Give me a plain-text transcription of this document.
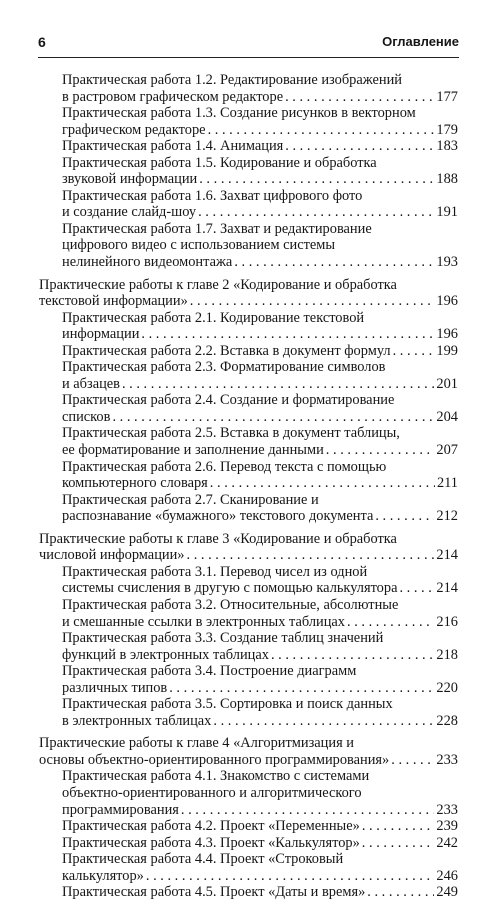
6	Оглавление
Практическая работа 1.2. Редактирование изображений
в растровом графическом редакторе . . .	177
Практическая работа 1.3. Создание рисунков в векторном
графическом редакторе . . .	179
Практическая работа 1.4. Анимация . . .	183
Практическая работа 1.5. Кодирование и обработка
звуковой информации . . .	188
Практическая работа 1.6. Захват цифрового фото
и создание слайд-шоу . . .	191
Практическая работа 1.7. Захват и редактирование
цифрового видео с использованием системы
нелинейного видеомонтажа . . .	193
Практические работы к главе 2 «Кодирование и обработка
текстовой информации» . . .	196
Практическая работа 2.1. Кодирование текстовой
информации . . .	196
Практическая работа 2.2. Вставка в документ формул . . .	199
Практическая работа 2.3. Форматирование символов
и абзацев . . .	201
Практическая работа 2.4. Создание и форматирование
списков . . .	204
Практическая работа 2.5. Вставка в документ таблицы,
ее форматирование и заполнение данными . . .	207
Практическая работа 2.6. Перевод текста с помощью
компьютерного словаря . . .	211
Практическая работа 2.7. Сканирование и
распознавание «бумажного» текстового документа . . .	212
Практические работы к главе 3 «Кодирование и обработка
числовой информации» . . .	214
Практическая работа 3.1. Перевод чисел из одной
системы счисления в другую с помощью калькулятора . . .	214
Практическая работа 3.2. Относительные, абсолютные
и смешанные ссылки в электронных таблицах . . .	216
Практическая работа 3.3. Создание таблиц значений
функций в электронных таблицах . . .	218
Практическая работа 3.4. Построение диаграмм
различных типов . . .	220
Практическая работа 3.5. Сортировка и поиск данных
в электронных таблицах . . .	228
Практические работы к главе 4 «Алгоритмизация и
основы объектно-ориентированного программирования» . . .	233
Практическая работа 4.1. Знакомство с системами
объектно-ориентированного и алгоритмического
программирования . . .	233
Практическая работа 4.2. Проект «Переменные» . . .	239
Практическая работа 4.3. Проект «Калькулятор» . . .	242
Практическая работа 4.4. Проект «Строковый
калькулятор» . . .	246
Практическая работа 4.5. Проект «Даты и время» . . .	249
